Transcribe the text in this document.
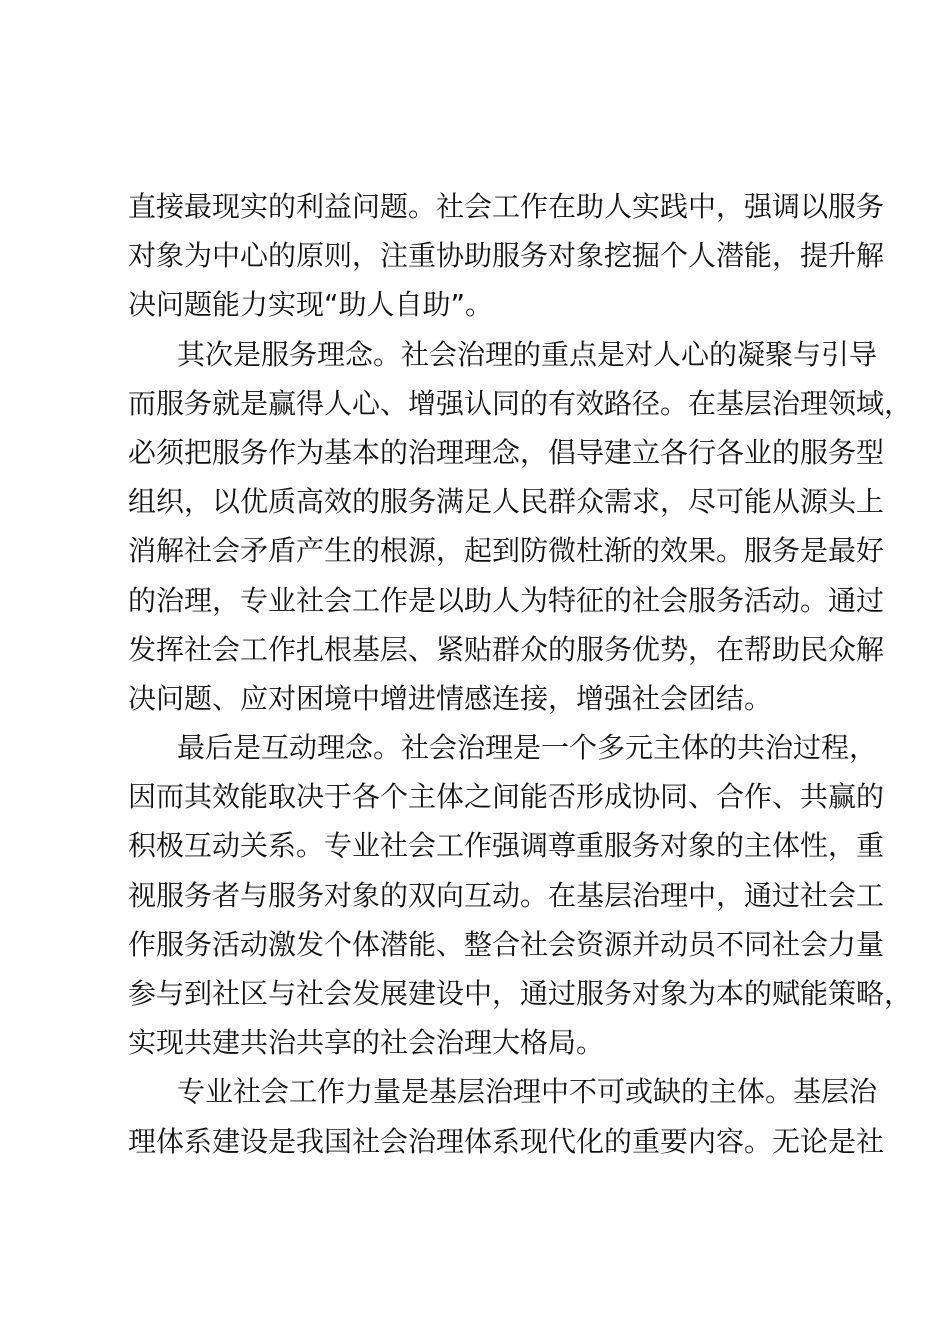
直接最现实的利益问题。社会工作在助人实践中，强调以服务
对象为中心的原则，注重协助服务对象挖掘个人潜能，提升解
决问题能力实现“助人自助”。
其次是服务理念。社会治理的重点是对人心的凝聚与引导
而服务就是赢得人心、增强认同的有效路径。在基层治理领域，
必须把服务作为基本的治理理念，倡导建立各行各业的服务型
组织，以优质高效的服务满足人民群众需求，尽可能从源头上
消解社会矛盾产生的根源，起到防微杜渐的效果。服务是最好
的治理，专业社会工作是以助人为特征的社会服务活动。通过
发挥社会工作扎根基层、紧贴群众的服务优势，在帮助民众解
决问题、应对困境中增进情感连接，增强社会团结。
最后是互动理念。社会治理是一个多元主体的共治过程，
因而其效能取决于各个主体之间能否形成协同、合作、共赢的
积极互动关系。专业社会工作强调尊重服务对象的主体性，重
视服务者与服务对象的双向互动。在基层治理中，通过社会工
作服务活动激发个体潜能、整合社会资源并动员不同社会力量
参与到社区与社会发展建设中，通过服务对象为本的赋能策略，
实现共建共治共享的社会治理大格局。
专业社会工作力量是基层治理中不可或缺的主体。基层治
理体系建设是我国社会治理体系现代化的重要内容。无论是社
